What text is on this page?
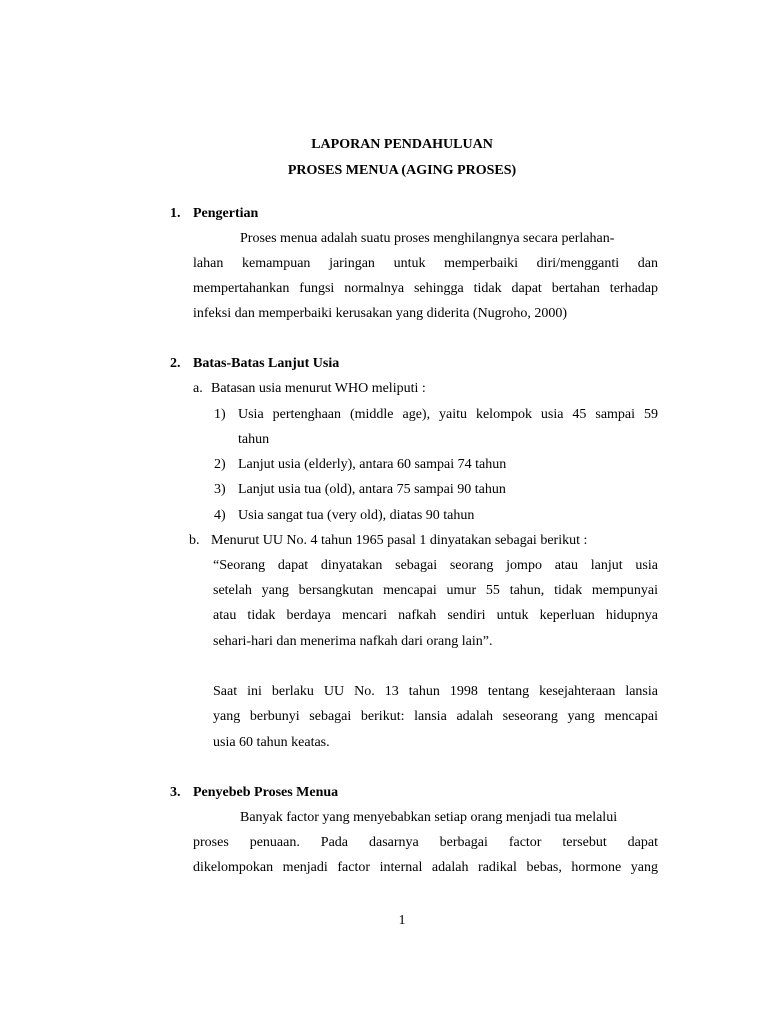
LAPORAN PENDAHULUAN
PROSES MENUA (AGING PROSES)
1. Pengertian
Proses menua adalah suatu proses menghilangnya secara perlahan-
lahan kemampuan jaringan untuk memperbaiki diri/mengganti dan
mempertahankan fungsi normalnya sehingga tidak dapat bertahan terhadap
infeksi dan memperbaiki kerusakan yang diderita (Nugroho, 2000)
2. Batas-Batas Lanjut Usia
a. Batasan usia menurut WHO meliputi :
1) Usia pertenghaan (middle age), yaitu kelompok usia 45 sampai 59
tahun
2) Lanjut usia (elderly), antara 60 sampai 74 tahun
3) Lanjut usia tua (old), antara 75 sampai 90 tahun
4) Usia sangat tua (very old), diatas 90 tahun
b. Menurut UU No. 4 tahun 1965 pasal 1 dinyatakan sebagai berikut :
“Seorang dapat dinyatakan sebagai seorang jompo atau lanjut usia
setelah yang bersangkutan mencapai umur 55 tahun, tidak mempunyai
atau tidak berdaya mencari nafkah sendiri untuk keperluan hidupnya
sehari-hari dan menerima nafkah dari orang lain”.
Saat ini berlaku UU No. 13 tahun 1998 tentang kesejahteraan lansia
yang berbunyi sebagai berikut: lansia adalah seseorang yang mencapai
usia 60 tahun keatas.
3. Penyebeb Proses Menua
Banyak factor yang menyebabkan setiap orang menjadi tua melalui
proses penuaan. Pada dasarnya berbagai factor tersebut dapat
dikelompokan menjadi factor internal adalah radikal bebas, hormone yang
1
